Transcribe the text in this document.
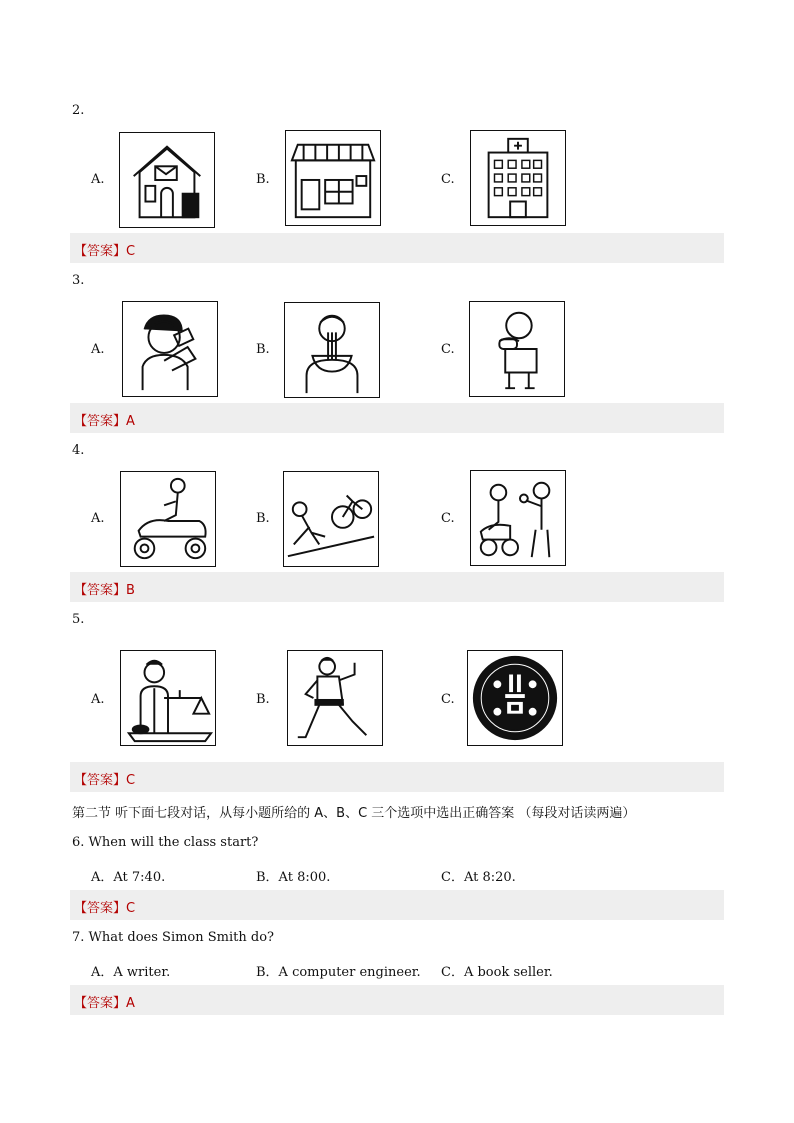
2.
A.	B.	C.
【答案】C
3.
A.	B.	C.
【答案】A
4.
A.	B.	C.
【答案】B
5.
A.	B.	C.
【答案】C
第二节 听下面七段对话，从每小题所给的 A、B、C 三个选项中选出正确答案 （每段对话读两遍）
6. When will the class start?
A．At 7:40.	B．At 8:00.	C．At 8:20.
【答案】C
7. What does Simon Smith do?
A．A writer.	B．A computer engineer. C．A book seller.
【答案】A
